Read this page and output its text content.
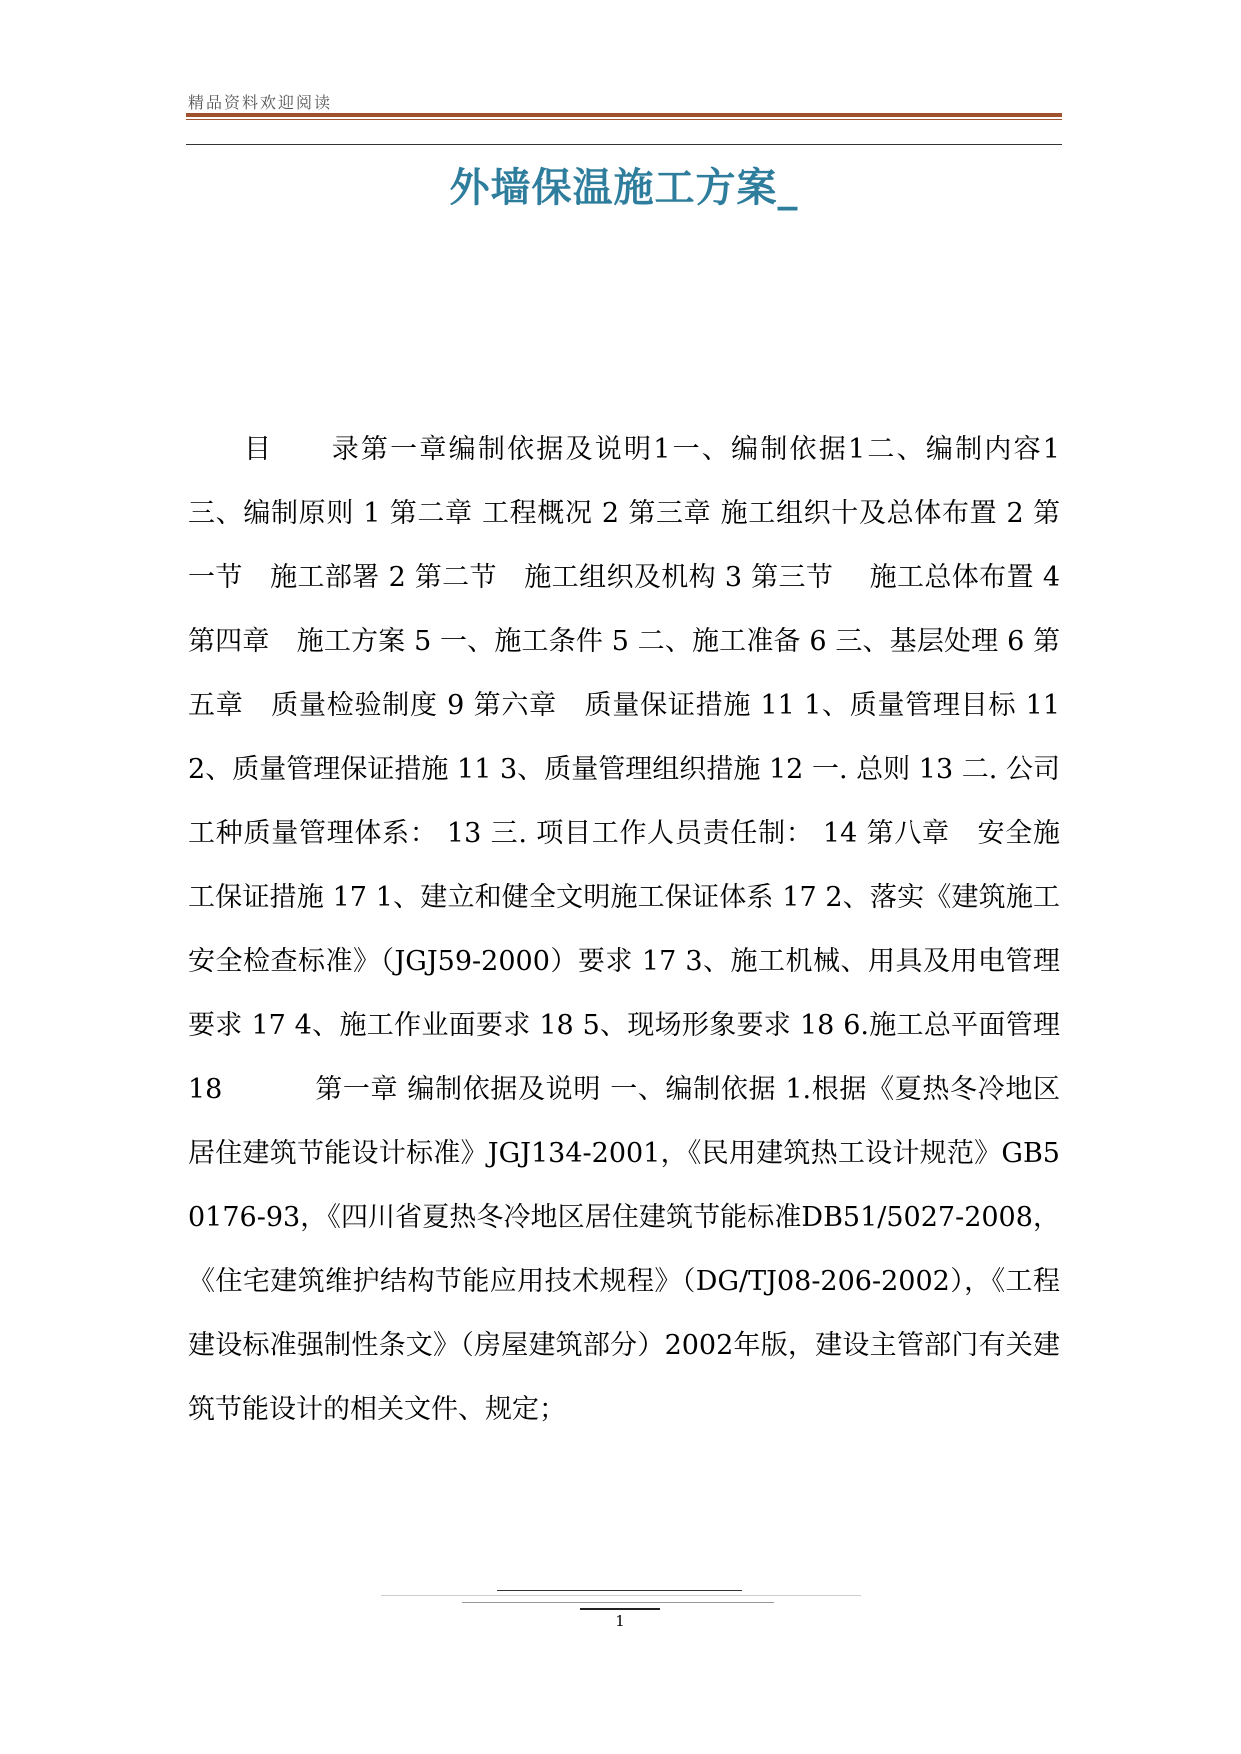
精品资料欢迎阅读
外墙保温施工方案_
目　　录第一章编制依据及说明1一、编制依据1二、编制内容1 三、编制原则 1 第二章 工程概况 2 第三章 施工组织十及总体布置 2 第一节　施工部署 2 第二节　施工组织及机构 3 第三节　 施工总体布置 4 第四章　施工方案 5 一、施工条件 5 二、施工准备 6 三、基层处理 6 第五章　质量检验制度 9 第六章　质量保证措施 11 1、质量管理目标 11 2、质量管理保证措施 11 3、质量管理组织措施 12 一. 总则 13 二. 公司工种质量管理体系： 13 三. 项目工作人员责任制： 14 第八章　安全施工保证措施 17 1、建立和健全文明施工保证体系 17 2、落实《建筑施工安全检查标准》（JGJ59-2000）要求 17 3、施工机械、用具及用电管理要求 17 4、施工作业面要求 18 5、现场形象要求 18 6.施工总平面管理 18　　　 第一章 编制依据及说明 一、编制依据 1.根据《夏热冬冷地区居住建筑节能设计标准》JGJ134-2001，《民用建筑热工设计规范》GB50176-93，《四川省夏热冬冷地区居住建筑节能标准DB51/5027-2008，《住宅建筑维护结构节能应用技术规程》（DG/TJ08-206-2002），《工程建设标准强制性条文》（房屋建筑部分）2002年版，建设主管部门有关建筑节能设计的相关文件、规定；
1
